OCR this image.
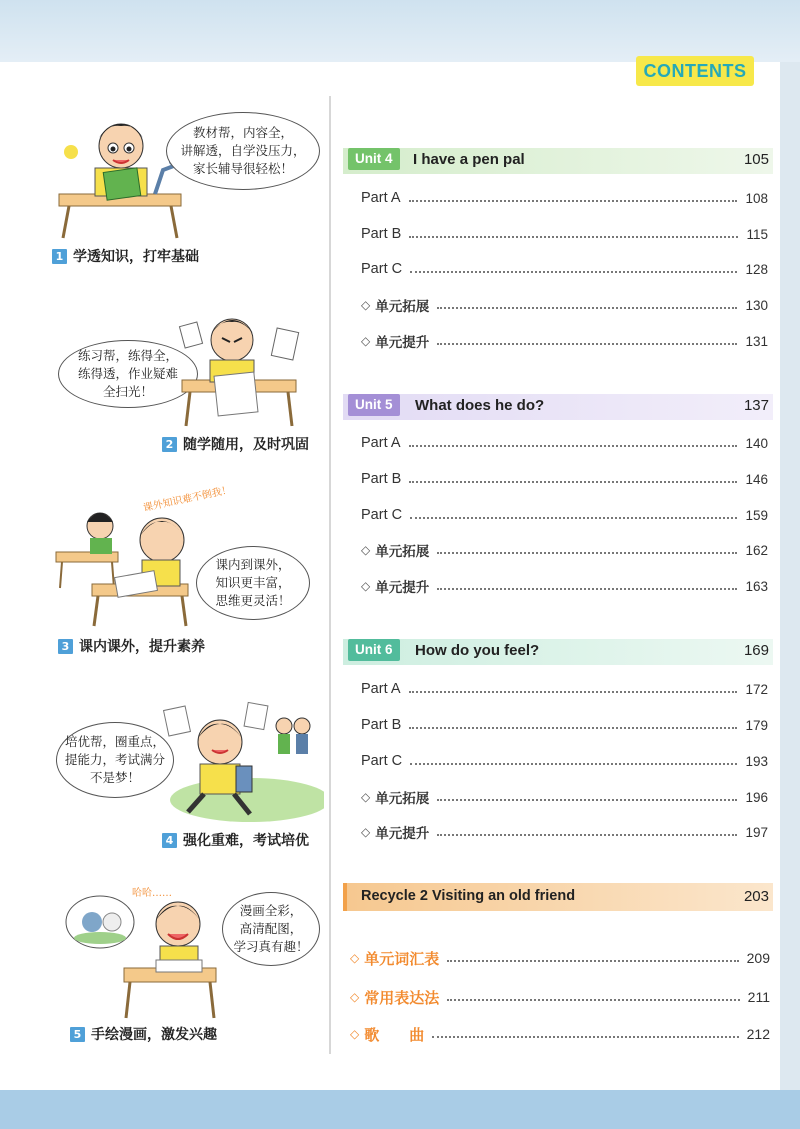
CONTENTS
教材帮，内容全，
讲解透，自学没压力，
家长辅导很轻松！
1 学透知识，打牢基础
练习帮，练得全，
练得透，作业疑难
全扫光！
2 随学随用，及时巩固
课外知识难不倒我！
课内到课外，
知识更丰富，
思维更灵活！
3 课内课外，提升素养
培优帮，圈重点，
提能力，考试满分
不是梦！
4 强化重难，考试培优
哈哈……
漫画全彩，
高清配图，
学习真有趣！
5 手绘漫画，激发兴趣
Unit 4	I have a pen pal	105
Part A	108
Part B	115
Part C	128
◇ 单元拓展	130
◇ 单元提升	131
Unit 5	What does he do?	137
Part A	140
Part B	146
Part C	159
◇ 单元拓展	162
◇ 单元提升	163
Unit 6	How do you feel?	169
Part A	172
Part B	179
Part C	193
◇ 单元拓展	196
◇ 单元提升	197
Recycle 2 Visiting an old friend	203
◇ 单元词汇表	209
◇ 常用表达法	211
◇ 歌　　曲	212
